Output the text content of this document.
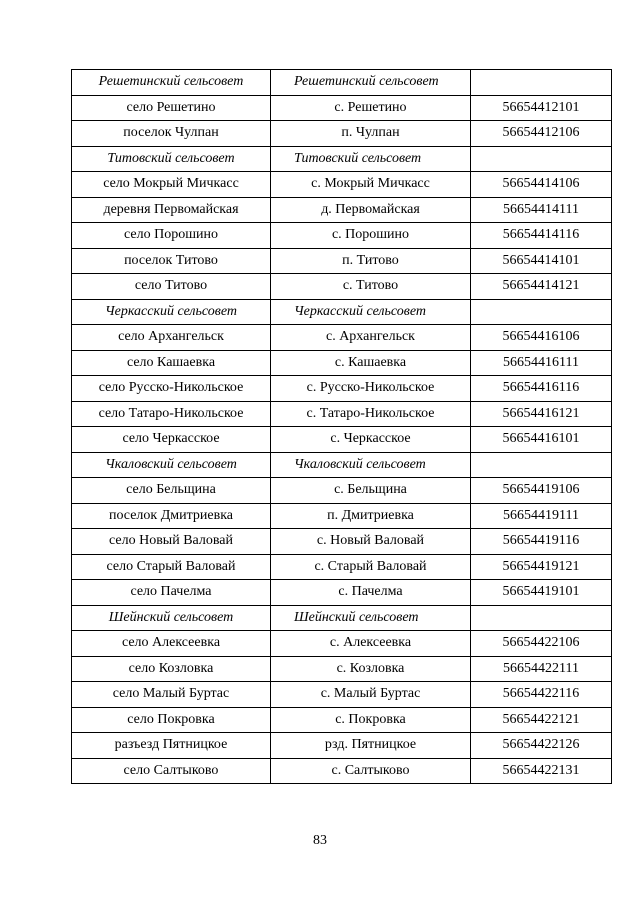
Решетинский сельсовет	Решетинский сельсовет	
село Решетино	с. Решетино	56654412101
поселок Чулпан	п. Чулпан	56654412106
Титовский сельсовет	Титовский сельсовет	
село Мокрый Мичкасс	с. Мокрый Мичкасс	56654414106
деревня Первомайская	д. Первомайская	56654414111
село Порошино	с. Порошино	56654414116
поселок Титово	п. Титово	56654414101
село Титово	с. Титово	56654414121
Черкасский сельсовет	Черкасский сельсовет	
село Архангельск	с. Архангельск	56654416106
село Кашаевка	с. Кашаевка	56654416111
село Русско-Никольское	с. Русско-Никольское	56654416116
село Татаро-Никольское	с. Татаро-Никольское	56654416121
село Черкасское	с. Черкасское	56654416101
Чкаловский сельсовет	Чкаловский сельсовет	
село Бельщина	с. Бельщина	56654419106
поселок Дмитриевка	п. Дмитриевка	56654419111
село Новый Валовай	с. Новый Валовай	56654419116
село Старый Валовай	с. Старый Валовай	56654419121
село Пачелма	с. Пачелма	56654419101
Шейнский сельсовет	Шейнский сельсовет	
село Алексеевка	с. Алексеевка	56654422106
село Козловка	с. Козловка	56654422111
село Малый Буртас	с. Малый Буртас	56654422116
село Покровка	с. Покровка	56654422121
разъезд Пятницкое	рзд. Пятницкое	56654422126
село Салтыково	с. Салтыково	56654422131
83
